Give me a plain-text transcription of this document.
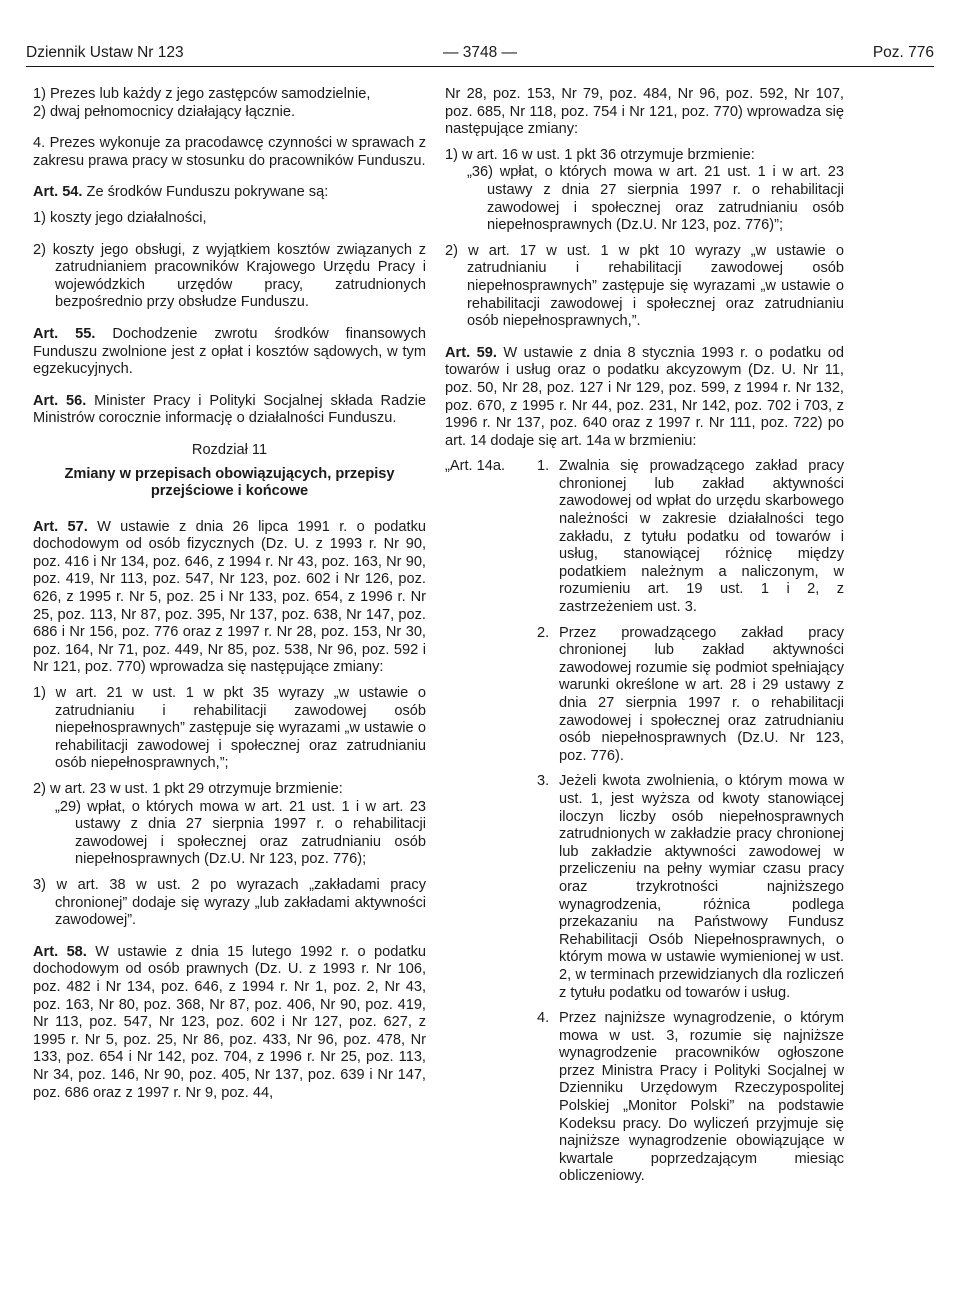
Dziennik Ustaw Nr 123	— 3748 —	Poz. 776

1) Prezes lub każdy z jego zastępców samodzielnie,

2) dwaj pełnomocnicy działający łącznie.

4. Prezes wykonuje za pracodawcę czynności w sprawach z zakresu prawa pracy w stosunku do pracowników Funduszu.

Art. 54. Ze środków Funduszu pokrywane są:

1) koszty jego działalności,

2) koszty jego obsługi, z wyjątkiem kosztów związanych z zatrudnianiem pracowników Krajowego Urzędu Pracy i wojewódzkich urzędów pracy, zatrudnionych bezpośrednio przy obsłudze Funduszu.

Art. 55. Dochodzenie zwrotu środków finansowych Funduszu zwolnione jest z opłat i kosztów sądowych, w tym egzekucyjnych.

Art. 56. Minister Pracy i Polityki Socjalnej składa Radzie Ministrów corocznie informację o działalności Funduszu.

Rozdział 11
Zmiany w przepisach obowiązujących, przepisy przejściowe i końcowe

Art. 57. W ustawie z dnia 26 lipca 1991 r. o podatku dochodowym od osób fizycznych (Dz. U. z 1993 r. Nr 90, poz. 416 i Nr 134, poz. 646, z 1994 r. Nr 43, poz. 163, Nr 90, poz. 419, Nr 113, poz. 547, Nr 123, poz. 602 i Nr 126, poz. 626, z 1995 r. Nr 5, poz. 25 i Nr 133, poz. 654, z 1996 r. Nr 25, poz. 113, Nr 87, poz. 395, Nr 137, poz. 638, Nr 147, poz. 686 i Nr 156, poz. 776 oraz z 1997 r. Nr 28, poz. 153, Nr 30, poz. 164, Nr 71, poz. 449, Nr 85, poz. 538, Nr 96, poz. 592 i Nr 121, poz. 770) wprowadza się następujące zmiany:

1) w art. 21 w ust. 1 w pkt 35 wyrazy „w ustawie o zatrudnianiu i rehabilitacji zawodowej osób niepełnosprawnych” zastępuje się wyrazami „w ustawie o rehabilitacji zawodowej i społecznej oraz zatrudnianiu osób niepełnosprawnych,”;

2) w art. 23 w ust. 1 pkt 29 otrzymuje brzmienie:

„29) wpłat, o których mowa w art. 21 ust. 1 i w art. 23 ustawy z dnia 27 sierpnia 1997 r. o rehabilitacji zawodowej i społecznej oraz zatrudnianiu osób niepełnosprawnych (Dz.U. Nr 123, poz. 776);

3) w art. 38 w ust. 2 po wyrazach „zakładami pracy chronionej” dodaje się wyrazy „lub zakładami aktywności zawodowej”.

Art. 58. W ustawie z dnia 15 lutego 1992 r. o podatku dochodowym od osób prawnych (Dz. U. z 1993 r. Nr 106, poz. 482 i Nr 134, poz. 646, z 1994 r. Nr 1, poz. 2, Nr 43, poz. 163, Nr 80, poz. 368, Nr 87, poz. 406, Nr 90, poz. 419, Nr 113, poz. 547, Nr 123, poz. 602 i Nr 127, poz. 627, z 1995 r. Nr 5, poz. 25, Nr 86, poz. 433, Nr 96, poz. 478, Nr 133, poz. 654 i Nr 142, poz. 704, z 1996 r. Nr 25, poz. 113, Nr 34, poz. 146, Nr 90, poz. 405, Nr 137, poz. 639 i Nr 147, poz. 686 oraz z 1997 r. Nr 9, poz. 44,

Nr 28, poz. 153, Nr 79, poz. 484, Nr 96, poz. 592, Nr 107, poz. 685, Nr 118, poz. 754 i Nr 121, poz. 770) wprowadza się następujące zmiany:

1) w art. 16 w ust. 1 pkt 36 otrzymuje brzmienie:

„36) wpłat, o których mowa w art. 21 ust. 1 i w art. 23 ustawy z dnia 27 sierpnia 1997 r. o rehabilitacji zawodowej i społecznej oraz zatrudnianiu osób niepełnosprawnych (Dz.U. Nr 123, poz. 776)”;

2) w art. 17 w ust. 1 w pkt 10 wyrazy „w ustawie o zatrudnianiu i rehabilitacji zawodowej osób niepełnosprawnych” zastępuje się wyrazami „w ustawie o rehabilitacji zawodowej i społecznej oraz zatrudnianiu osób niepełnosprawnych,”.

Art. 59. W ustawie z dnia 8 stycznia 1993 r. o podatku od towarów i usług oraz o podatku akcyzowym (Dz. U. Nr 11, poz. 50, Nr 28, poz. 127 i Nr 129, poz. 599, z 1994 r. Nr 132, poz. 670, z 1995 r. Nr 44, poz. 231, Nr 142, poz. 702 i 703, z 1996 r. Nr 137, poz. 640 oraz z 1997 r. Nr 111, poz. 722) po art. 14 dodaje się art. 14a w brzmieniu:

„Art. 14a.	1. Zwalnia się prowadzącego zakład pracy chronionej lub zakład aktywności zawodowej od wpłat do urzędu skarbowego należności w zakresie działalności tego zakładu, z tytułu podatku od towarów i usług, stanowiącej różnicę między podatkiem należnym a naliczonym, w rozumieniu art. 19 ust. 1 i 2, z zastrzeżeniem ust. 3.
2. Przez prowadzącego zakład pracy chronionej lub zakład aktywności zawodowej rozumie się podmiot spełniający warunki określone w art. 28 i 29 ustawy z dnia 27 sierpnia 1997 r. o rehabilitacji zawodowej i społecznej oraz zatrudnianiu osób niepełnosprawnych (Dz.U. Nr 123, poz. 776).
3. Jeżeli kwota zwolnienia, o którym mowa w ust. 1, jest wyższa od kwoty stanowiącej iloczyn liczby osób niepełnosprawnych zatrudnionych w zakładzie pracy chronionej lub zakładzie aktywności zawodowej w przeliczeniu na pełny wymiar czasu pracy oraz trzykrotności najniższego wynagrodzenia, różnica podlega przekazaniu na Państwowy Fundusz Rehabilitacji Osób Niepełnosprawnych, o którym mowa w ustawie wymienionej w ust. 2, w terminach przewidzianych dla rozliczeń z tytułu podatku od towarów i usług.
4. Przez najniższe wynagrodzenie, o którym mowa w ust. 3, rozumie się najniższe wynagrodzenie pracowników ogłoszone przez Ministra Pracy i Polityki Socjalnej w Dzienniku Urzędowym Rzeczypospolitej Polskiej „Monitor Polski” na podstawie Kodeksu pracy. Do wyliczeń przyjmuje się najniższe wynagrodzenie obowiązujące w kwartale poprzedzającym miesiąc obliczeniowy.
